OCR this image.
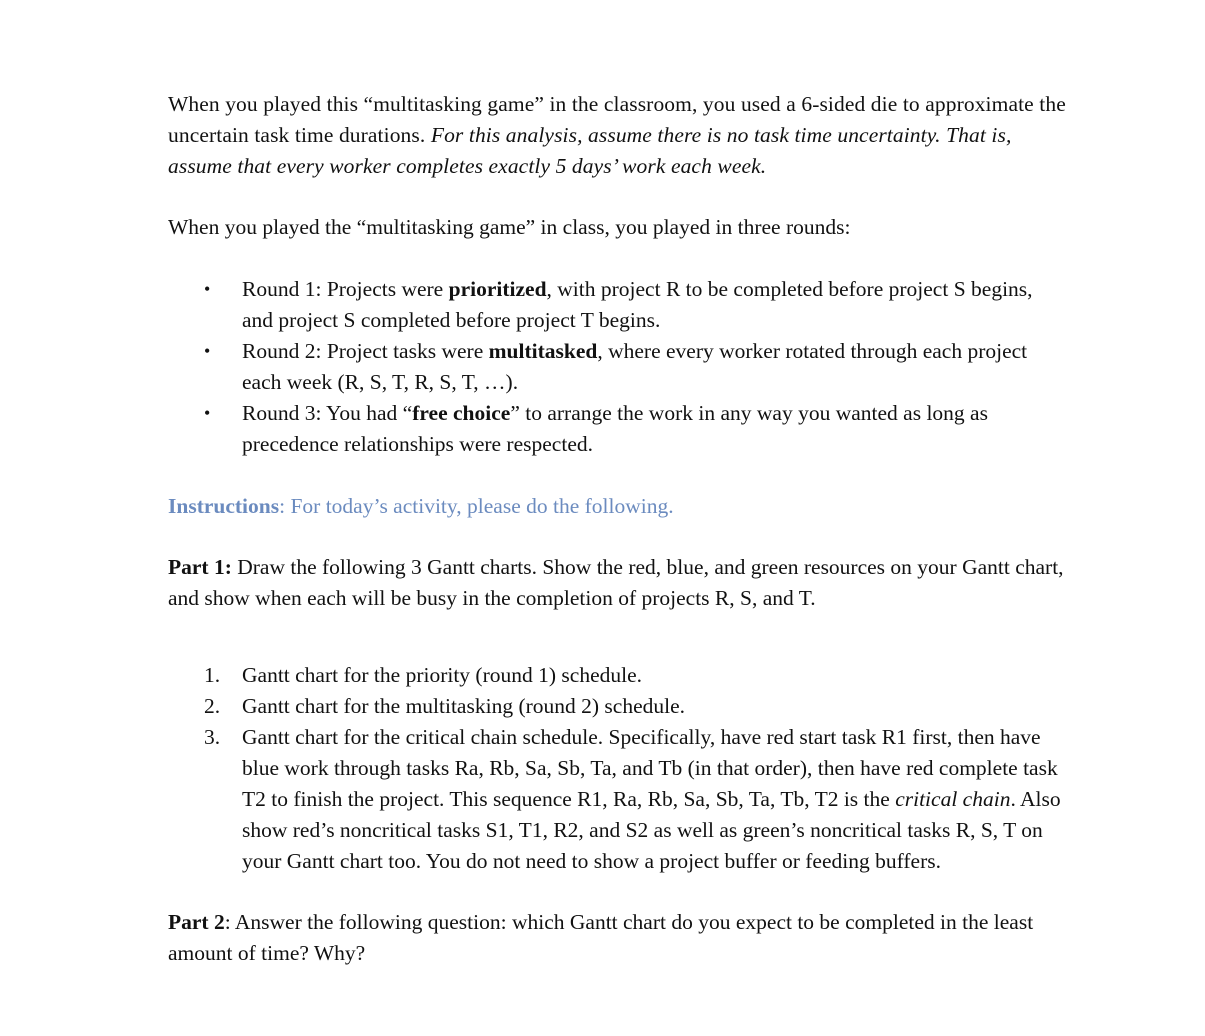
When you played this “multitasking game” in the classroom, you used a 6-sided die to approximate the uncertain task time durations. For this analysis, assume there is no task time uncertainty. That is, assume that every worker completes exactly 5 days’ work each week.

When you played the “multitasking game” in class, you played in three rounds:

• Round 1: Projects were prioritized, with project R to be completed before project S begins, and project S completed before project T begins.
• Round 2: Project tasks were multitasked, where every worker rotated through each project each week (R, S, T, R, S, T, …).
• Round 3: You had “free choice” to arrange the work in any way you wanted as long as precedence relationships were respected.

Instructions: For today’s activity, please do the following.

Part 1: Draw the following 3 Gantt charts. Show the red, blue, and green resources on your Gantt chart, and show when each will be busy in the completion of projects R, S, and T.

1. Gantt chart for the priority (round 1) schedule.
2. Gantt chart for the multitasking (round 2) schedule.
3. Gantt chart for the critical chain schedule. Specifically, have red start task R1 first, then have blue work through tasks Ra, Rb, Sa, Sb, Ta, and Tb (in that order), then have red complete task T2 to finish the project. This sequence R1, Ra, Rb, Sa, Sb, Ta, Tb, T2 is the critical chain. Also show red’s noncritical tasks S1, T1, R2, and S2 as well as green’s noncritical tasks R, S, T on your Gantt chart too. You do not need to show a project buffer or feeding buffers.

Part 2: Answer the following question: which Gantt chart do you expect to be completed in the least amount of time? Why?
